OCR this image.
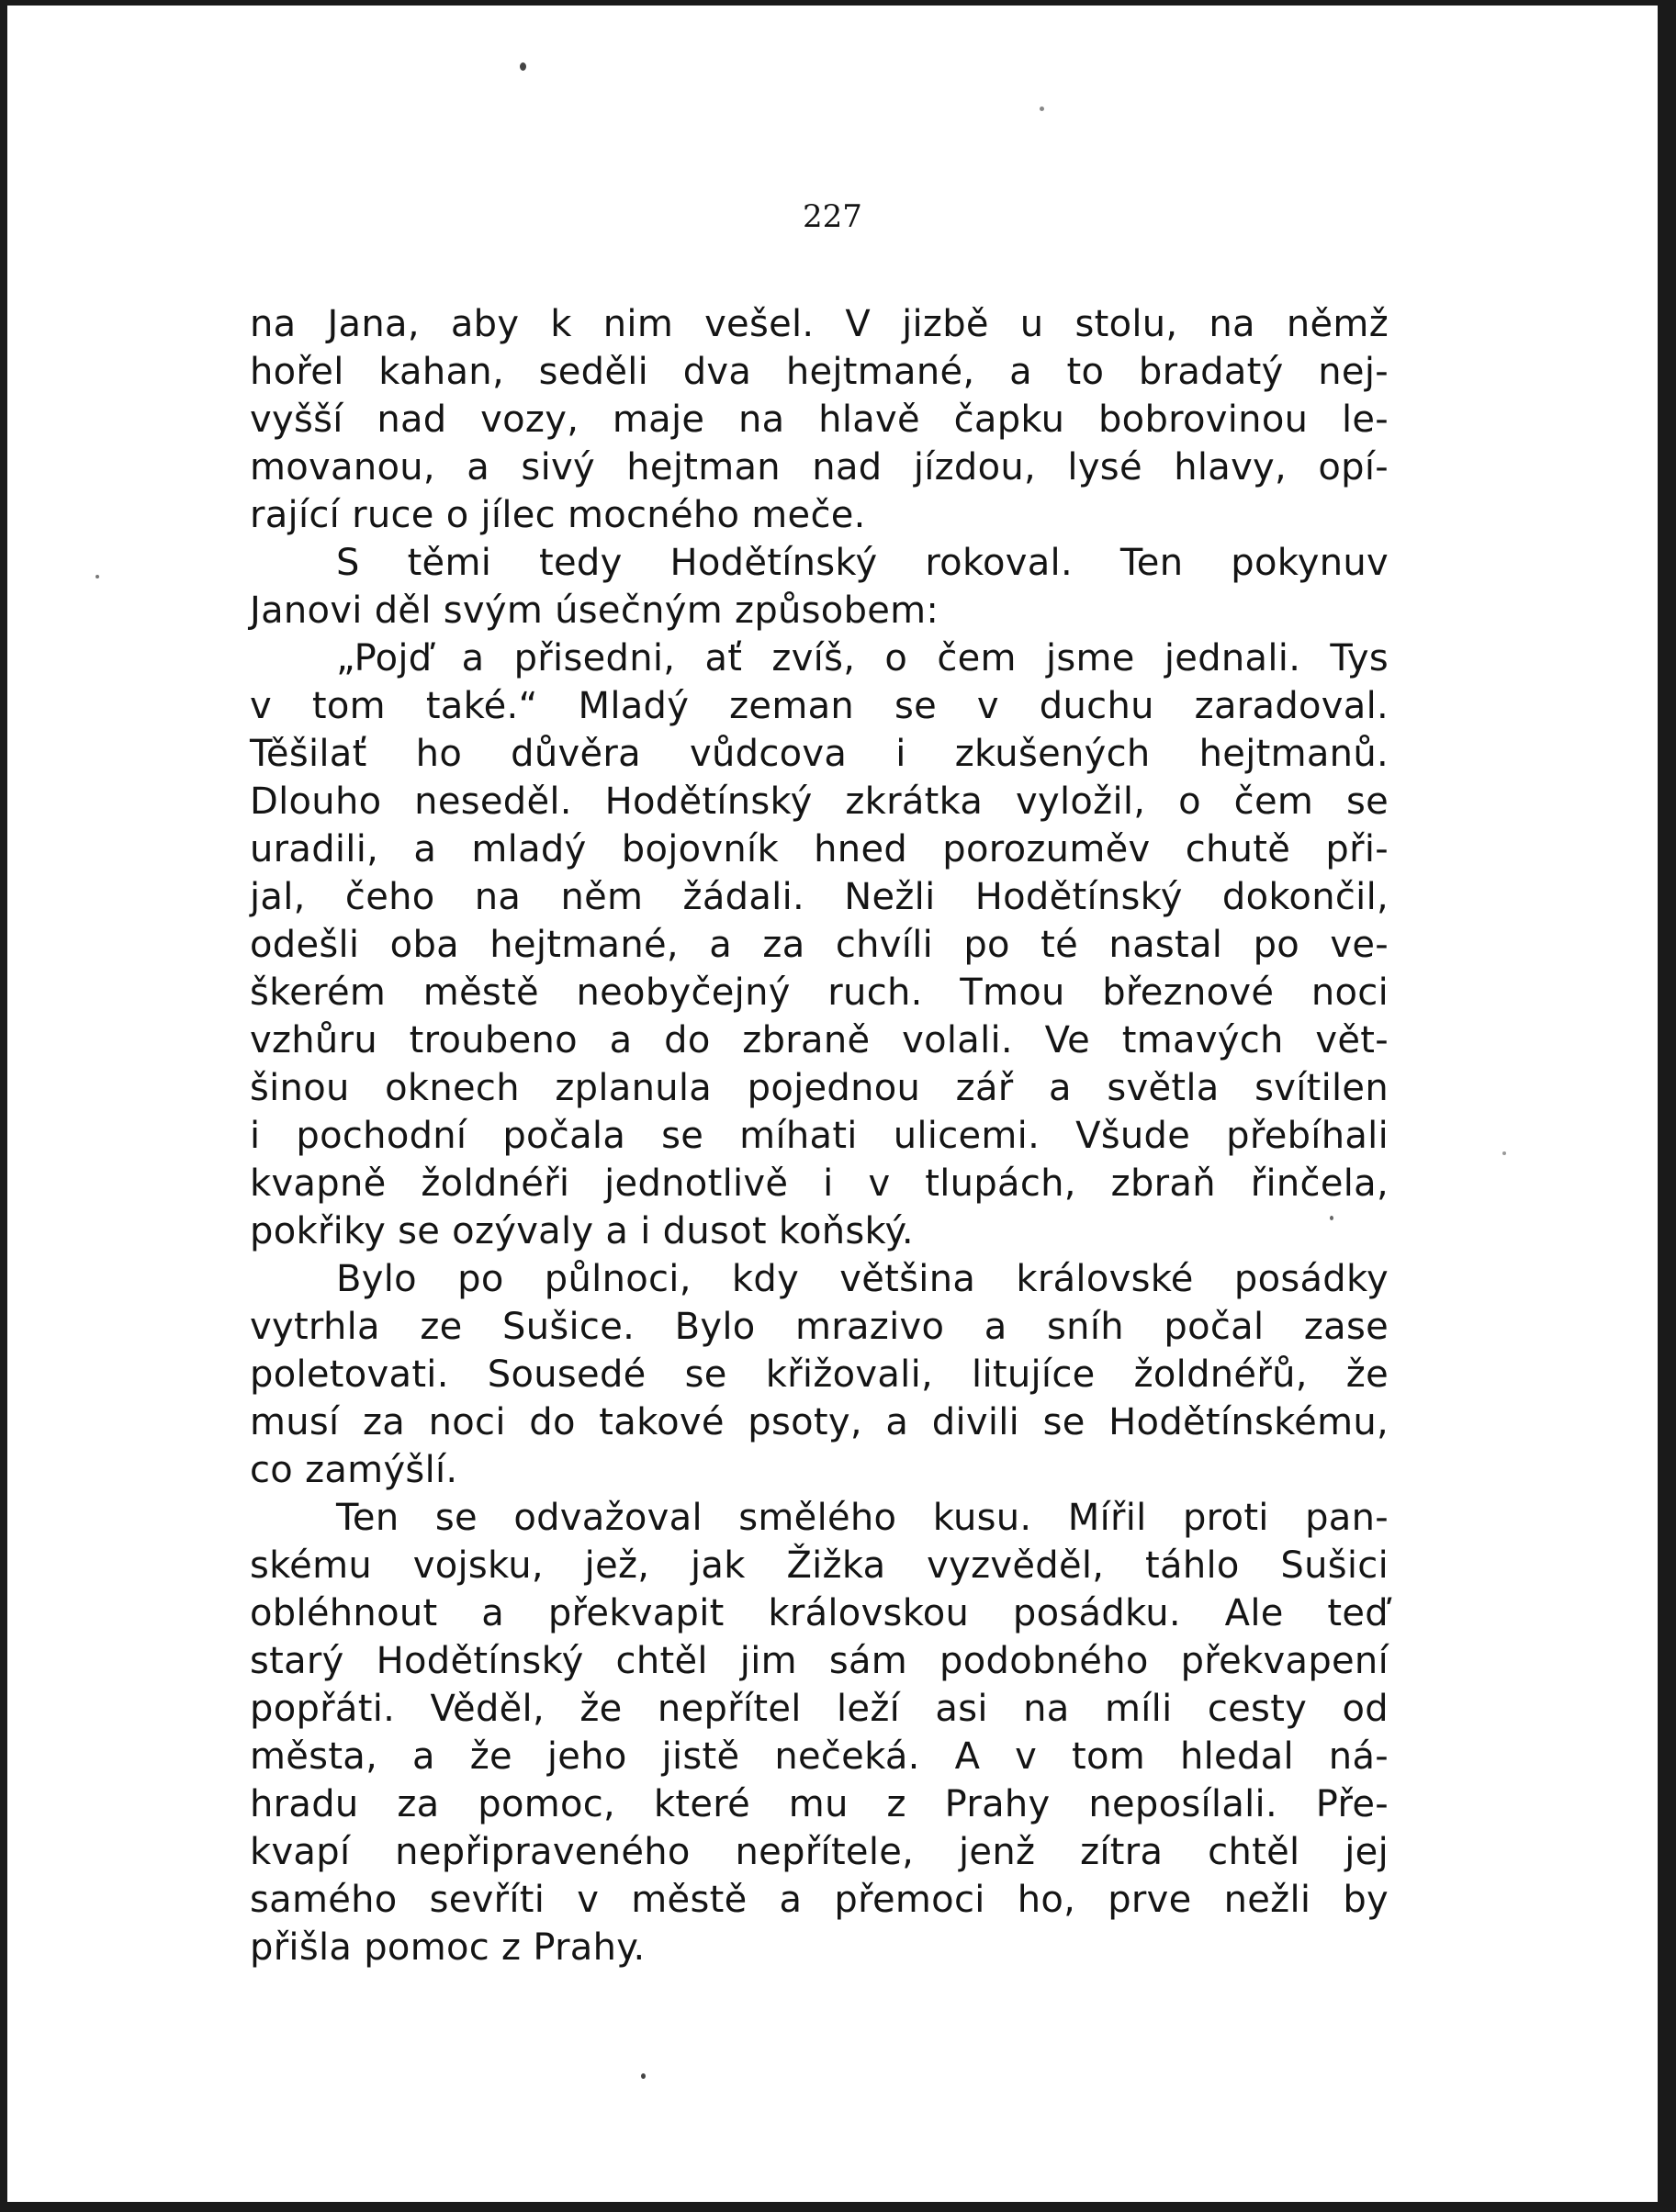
227

na Jana, aby k nim vešel. V jizbě u stolu, na němž
hořel kahan, seděli dva hejtmané, a to bradatý nej-
vyšší nad vozy, maje na hlavě čapku bobrovinou le-
movanou, a sivý hejtman nad jízdou, lysé hlavy, opí-
rající ruce o jílec mocného meče.
S těmi tedy Hodětínský rokoval. Ten pokynuv
Janovi děl svým úsečným způsobem:
„Pojď a přisedni, ať zvíš, o čem jsme jednali. Tys
v tom také.“ Mladý zeman se v duchu zaradoval.
Těšilať ho důvěra vůdcova i zkušených hejtmanů.
Dlouho neseděl. Hodětínský zkrátka vyložil, o čem se
uradili, a mladý bojovník hned porozuměv chutě při-
jal, čeho na něm žádali. Nežli Hodětínský dokončil,
odešli oba hejtmané, a za chvíli po té nastal po ve-
škerém městě neobyčejný ruch. Tmou březnové noci
vzhůru troubeno a do zbraně volali. Ve tmavých vět-
šinou oknech zplanula pojednou zář a světla svítilen
i pochodní počala se míhati ulicemi. Všude přebíhali
kvapně žoldnéři jednotlivě i v tlupách, zbraň řinčela,
pokřiky se ozývaly a i dusot koňský.
Bylo po půlnoci, kdy většina královské posádky
vytrhla ze Sušice. Bylo mrazivo a sníh počal zase
poletovati. Sousedé se křižovali, litujíce žoldnéřů, že
musí za noci do takové psoty, a divili se Hodětínskému,
co zamýšlí.
Ten se odvažoval smělého kusu. Mířil proti pan-
skému vojsku, jež, jak Žižka vyzvěděl, táhlo Sušici
obléhnout a překvapit královskou posádku. Ale teď
starý Hodětínský chtěl jim sám podobného překvapení
popřáti. Věděl, že nepřítel leží asi na míli cesty od
města, a že jeho jistě nečeká. A v tom hledal ná-
hradu za pomoc, které mu z Prahy neposílali. Pře-
kvapí nepřipraveného nepřítele, jenž zítra chtěl jej
samého sevříti v městě a přemoci ho, prve nežli by
přišla pomoc z Prahy.
